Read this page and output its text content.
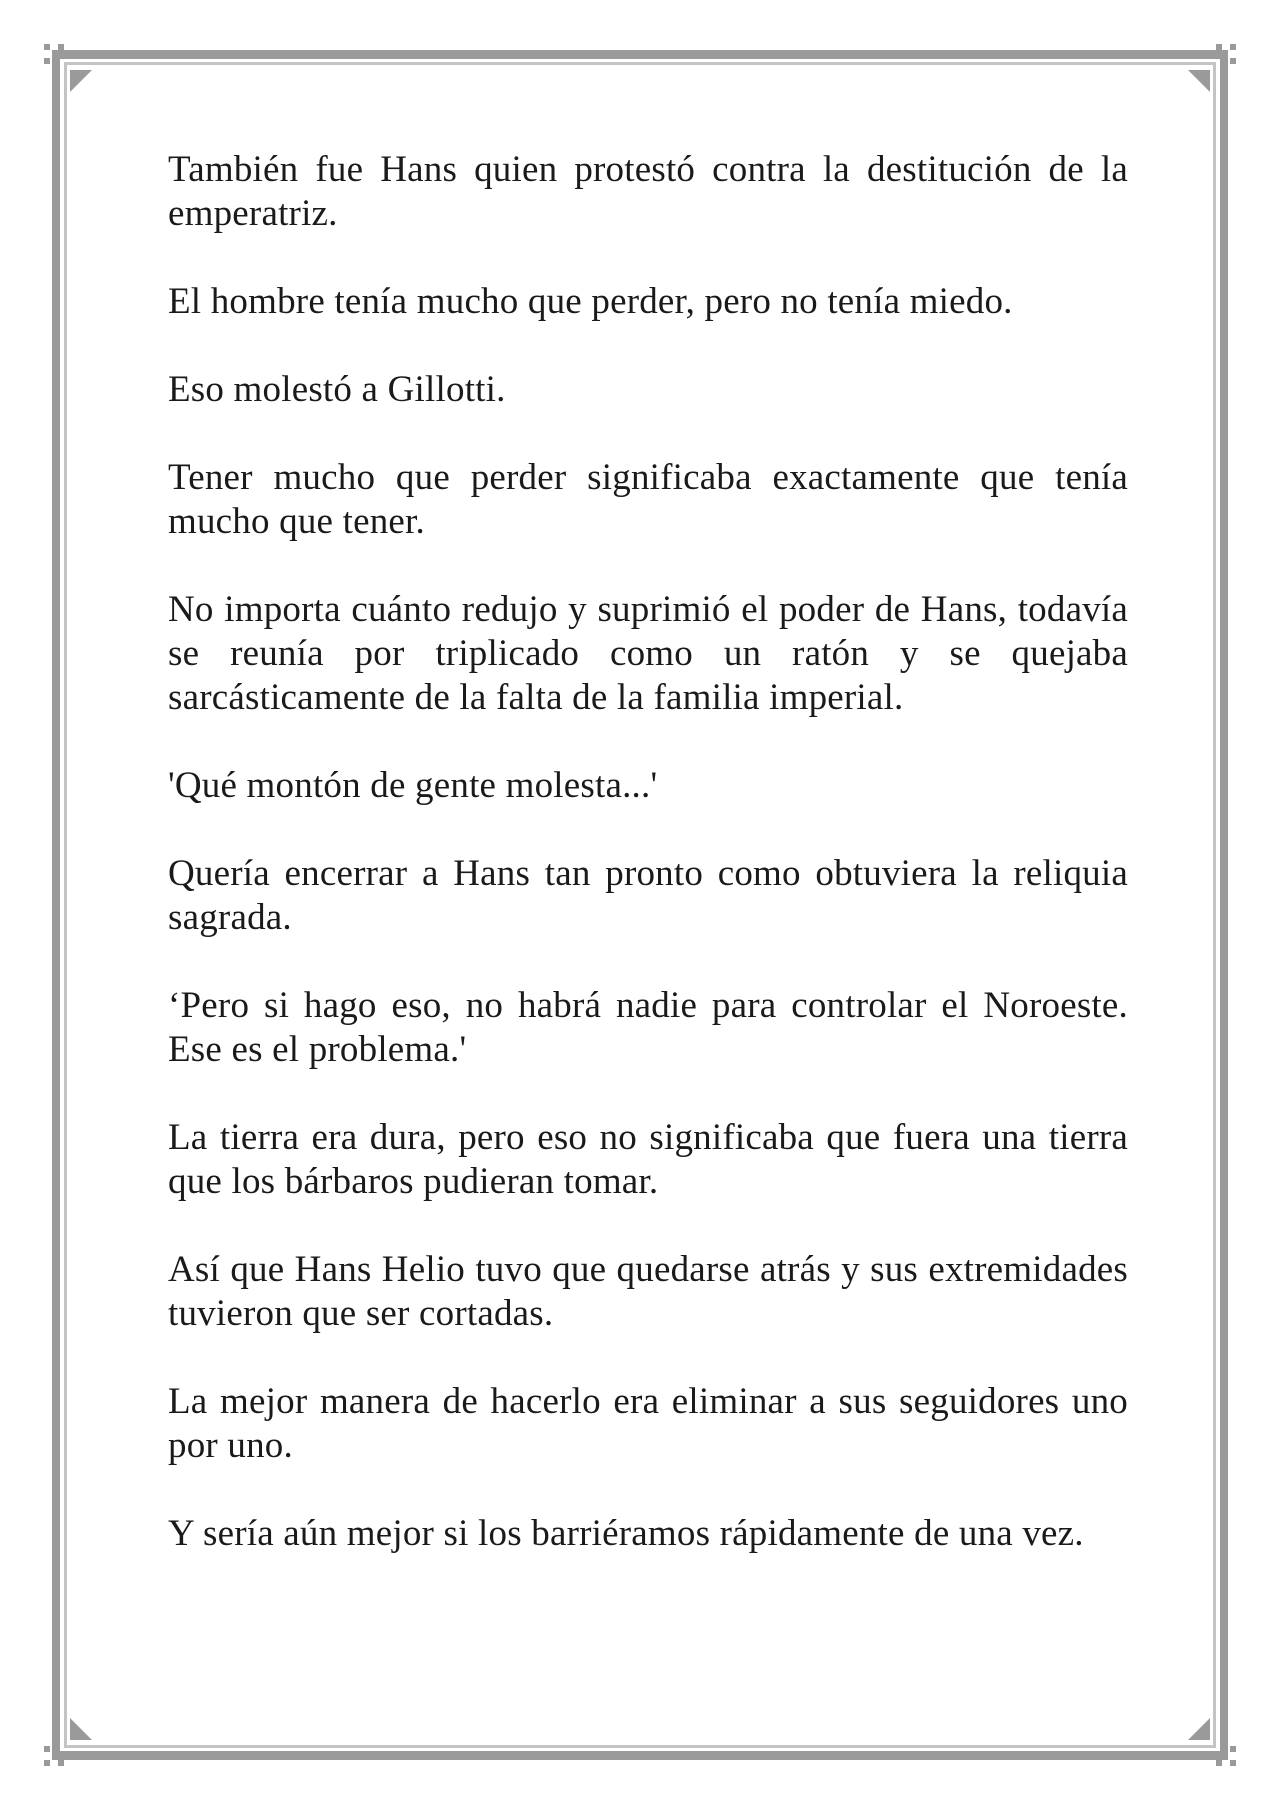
También fue Hans quien protestó contra la destitución de la emperatriz.

El hombre tenía mucho que perder, pero no tenía miedo.

Eso molestó a Gillotti.

Tener mucho que perder significaba exactamente que tenía mucho que tener.

No importa cuánto redujo y suprimió el poder de Hans, todavía se reunía por triplicado como un ratón y se quejaba sarcásticamente de la falta de la familia imperial.

'Qué montón de gente molesta...'

Quería encerrar a Hans tan pronto como obtuviera la reliquia sagrada.

‘Pero si hago eso, no habrá nadie para controlar el Noroeste. Ese es el problema.'

La tierra era dura, pero eso no significaba que fuera una tierra que los bárbaros pudieran tomar.

Así que Hans Helio tuvo que quedarse atrás y sus extremidades tuvieron que ser cortadas.

La mejor manera de hacerlo era eliminar a sus seguidores uno por uno.

Y sería aún mejor si los barriéramos rápidamente de una vez.
